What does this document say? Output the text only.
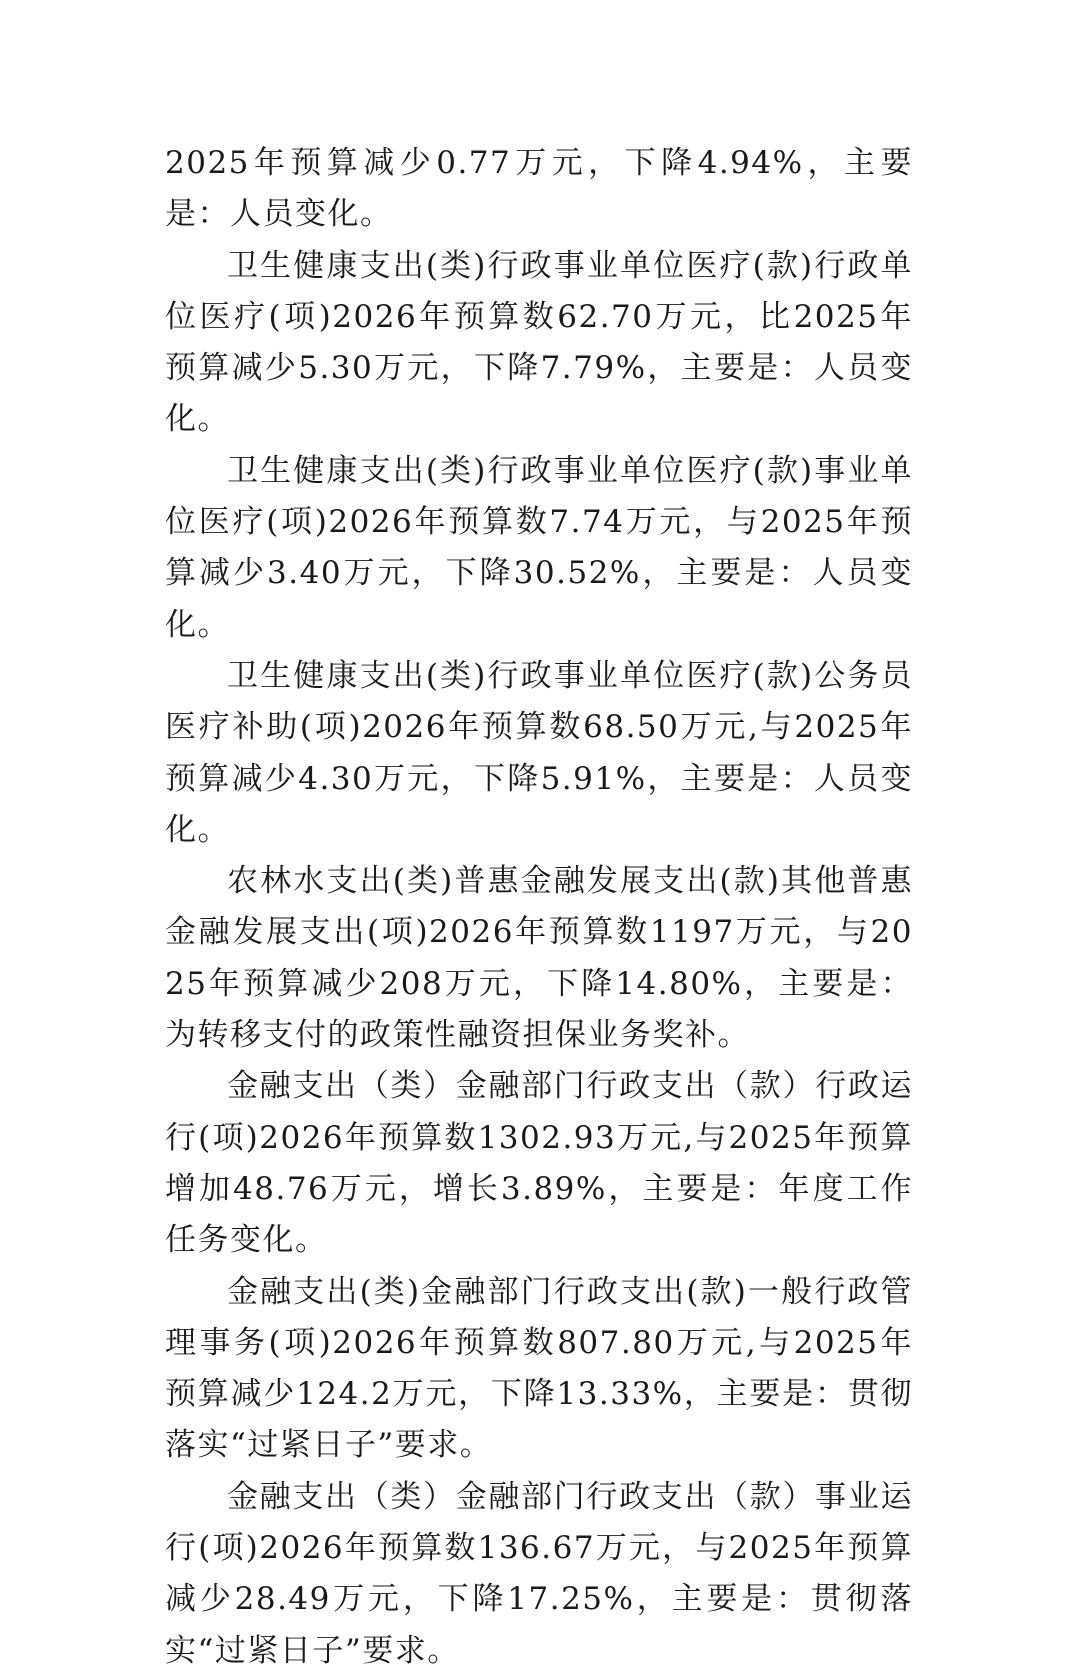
2025年预算减少0.77万元，下降4.94%，主要是：人员变化。

卫生健康支出(类)行政事业单位医疗(款)行政单位医疗(项)2026年预算数62.70万元，比2025年预算减少5.30万元，下降7.79%，主要是：人员变化。

卫生健康支出(类)行政事业单位医疗(款)事业单位医疗(项)2026年预算数7.74万元，与2025年预算减少3.40万元，下降30.52%，主要是：人员变化。

卫生健康支出(类)行政事业单位医疗(款)公务员医疗补助(项)2026年预算数68.50万元,与2025年预算减少4.30万元，下降5.91%，主要是：人员变化。

农林水支出(类)普惠金融发展支出(款)其他普惠金融发展支出(项)2026年预算数1197万元，与2025年预算减少208万元，下降14.80%，主要是：为转移支付的政策性融资担保业务奖补。

金融支出（类）金融部门行政支出（款）行政运行(项)2026年预算数1302.93万元,与2025年预算增加48.76万元，增长3.89%，主要是：年度工作任务变化。

金融支出(类)金融部门行政支出(款)一般行政管理事务(项)2026年预算数807.80万元,与2025年预算减少124.2万元，下降13.33%，主要是：贯彻落实“过紧日子”要求。

金融支出（类）金融部门行政支出（款）事业运行(项)2026年预算数136.67万元，与2025年预算减少28.49万元，下降17.25%，主要是：贯彻落实“过紧日子”要求。
